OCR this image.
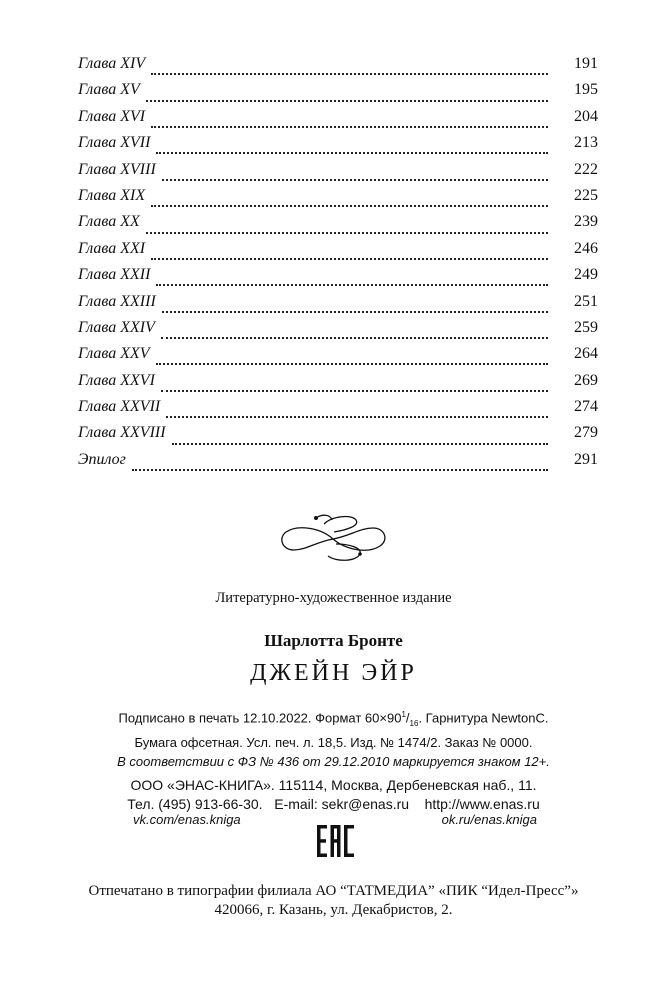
Глава XIV	191
Глава XV	195
Глава XVI	204
Глава XVII	213
Глава XVIII	222
Глава XIX	225
Глава XX	239
Глава XXI	246
Глава XXII	249
Глава XXIII	251
Глава XXIV	259
Глава XXV	264
Глава XXVI	269
Глава XXVII	274
Глава XXVIII	279
Эпилог	291
Литературно-художественное издание
Шарлотта Бронте
ДЖЕЙН ЭЙР
Подписано в печать 12.10.2022. Формат $60\times 90^1/_{16}$. Гарнитура NewtonC.
Бумага офсетная. Усл. печ. л. 18,5. Изд. № 1474/2. Заказ № 0000.
В соответствии с ФЗ № 436 от 29.12.2010 маркируется знаком 12+.
ООО «ЭНАС-КНИГА». 115114, Москва, Дербеневская наб., 11.
Тел. (495) 913-66-30.   E-mail: sekr@enas.ru    http://www.enas.ru
vk.com/enas.kniga	ok.ru/enas.kniga
Отпечатано в типографии филиала АО “ТАТМЕДИА” «ПИК “Идел-Пресс”»
420066, г. Казань, ул. Декабристов, 2.
